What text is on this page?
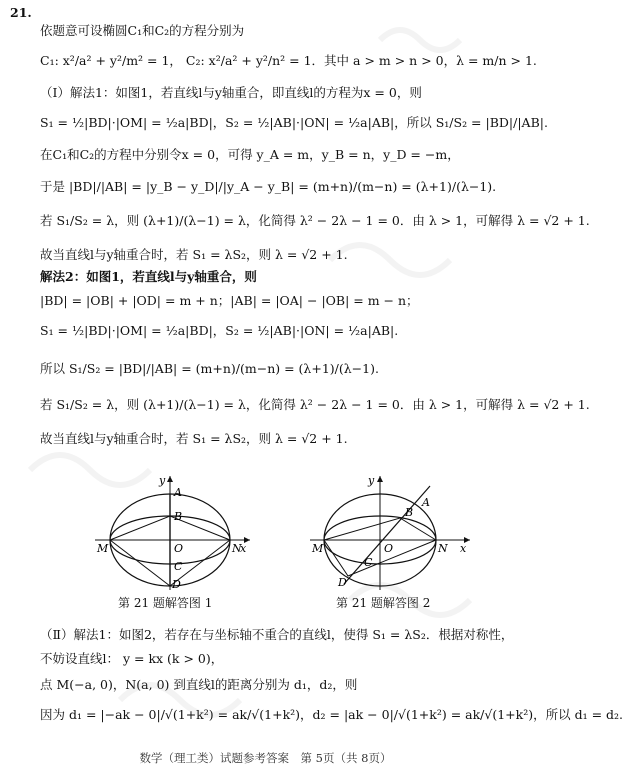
21.
依题意可设椭圆C₁和C₂的方程分别为
C₁: x²/a² + y²/m² = 1， C₂: x²/a² + y²/n² = 1．其中 a > m > n > 0，λ = m/n > 1.
（Ⅰ）解法1：如图1，若直线l与y轴重合，即直线l的方程为x = 0，则
S₁ = ½|BD|·|OM| = ½a|BD|，S₂ = ½|AB|·|ON| = ½a|AB|，所以 S₁/S₂ = |BD|/|AB|.
在C₁和C₂的方程中分别令x = 0，可得 y_A = m，y_B = n，y_D = −m，
于是 |BD|/|AB| = |y_B − y_D|/|y_A − y_B| = (m+n)/(m−n) = (λ+1)/(λ−1).
若 S₁/S₂ = λ，则 (λ+1)/(λ−1) = λ，化简得 λ² − 2λ − 1 = 0．由 λ > 1，可解得 λ = √2 + 1.
故当直线l与y轴重合时，若 S₁ = λS₂，则 λ = √2 + 1.
解法2：如图1，若直线l与y轴重合，则
|BD| = |OB| + |OD| = m + n；|AB| = |OA| − |OB| = m − n；
S₁ = ½|BD|·|OM| = ½a|BD|，S₂ = ½|AB|·|ON| = ½a|AB|.
所以 S₁/S₂ = |BD|/|AB| = (m+n)/(m−n) = (λ+1)/(λ−1).
若 S₁/S₂ = λ，则 (λ+1)/(λ−1) = λ，化简得 λ² − 2λ − 1 = 0．由 λ > 1，可解得 λ = √2 + 1.
故当直线l与y轴重合时，若 S₁ = λS₂，则 λ = √2 + 1.
y
A
B
O
C
D
M	N
x
第 21 题解答图 1
y
A
B
O
C
D
M	N x
第 21 题解答图 2
（Ⅱ）解法1：如图2，若存在与坐标轴不重合的直线l，使得 S₁ = λS₂．根据对称性，
不妨设直线l： y = kx (k > 0)，
点 M(−a, 0)，N(a, 0) 到直线l的距离分别为 d₁，d₂，则
因为 d₁ = |−ak − 0|/√(1+k²) = ak/√(1+k²)，d₂ = |ak − 0|/√(1+k²) = ak/√(1+k²)，所以 d₁ = d₂.
数学（理工类）试题参考答案　第 5页（共 8页）
